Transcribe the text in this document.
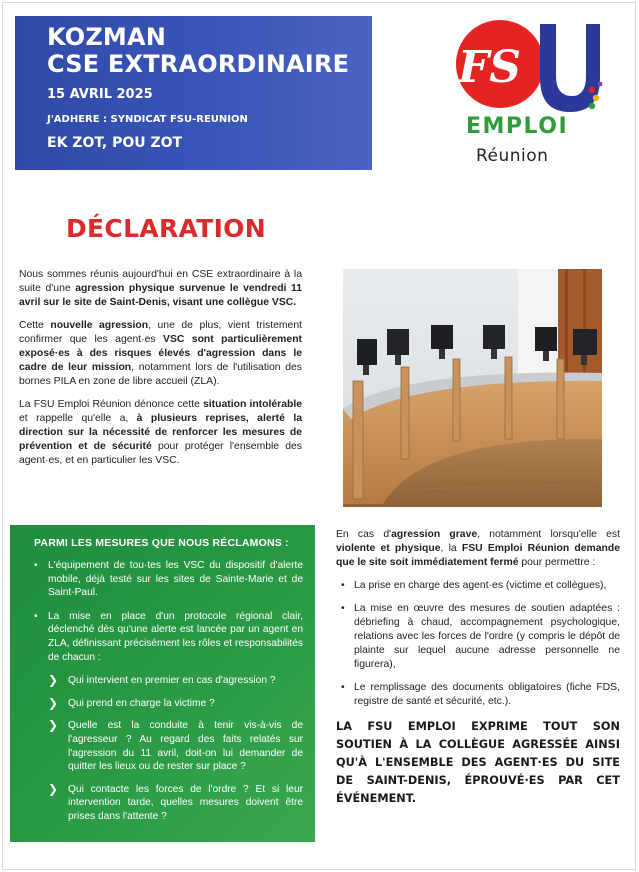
KOZMAN
CSE EXTRAORDINAIRE
15 AVRIL 2025
J'ADHERE : SYNDICAT FSU-REUNION
EK ZOT, POU ZOT
FS
EMPLOI
Réunion
DÉCLARATION

Nous sommes réunis aujourd'hui en CSE extraordinaire à la suite d'une agression physique survenue le vendredi 11 avril sur le site de Saint-Denis, visant une collègue VSC.

Cette nouvelle agression, une de plus, vient tristement confirmer que les agent·es VSC sont particulièrement exposé·es à des risques élevés d'agression dans le cadre de leur mission, notamment lors de l'utilisation des bornes PILA en zone de libre accueil (ZLA).

La FSU Emploi Réunion dénonce cette situation intolérable et rappelle qu'elle a, à plusieurs reprises, alerté la direction sur la nécessité de renforcer les mesures de prévention et de sécurité pour protéger l'ensemble des agent·es, et en particulier les VSC.

PARMI LES MESURES QUE NOUS RÉCLAMONS :
• L'équipement de tou·tes les VSC du dispositif d'alerte mobile, déjà testé sur les sites de Sainte-Marie et de Saint-Paul.
• La mise en place d'un protocole régional clair, déclenché dès qu'une alerte est lancée par un agent en ZLA, définissant précisément les rôles et responsabilités de chacun :
❯ Qui intervient en premier en cas d'agression ?
❯ Qui prend en charge la victime ?
❯ Quelle est la conduite à tenir vis-à-vis de l'agresseur ? Au regard des faits relatés sur l'agression du 11 avril, doit-on lui demander de quitter les lieux ou de rester sur place ?
❯ Qui contacte les forces de l'ordre ? Et si leur intervention tarde, quelles mesures doivent être prises dans l'attente ?

En cas d'agression grave, notamment lorsqu'elle est violente et physique, la FSU Emploi Réunion demande que le site soit immédiatement fermé pour permettre :

• La prise en charge des agent·es (victime et collègues),
• La mise en œuvre des mesures de soutien adaptées : débriefing à chaud, accompagnement psychologique, relations avec les forces de l'ordre (y compris le dépôt de plainte sur lequel aucune adresse personnelle ne figurera),
• Le remplissage des documents obligatoires (fiche FDS, registre de santé et sécurité, etc.).
LA FSU EMPLOI EXPRIME TOUT SON SOUTIEN À LA COLLÈGUE AGRESSÉE AINSI QU'À L'ENSEMBLE DES AGENT·ES DU SITE DE SAINT-DENIS, ÉPROUVÉ·ES PAR CET ÉVÉNEMENT.
